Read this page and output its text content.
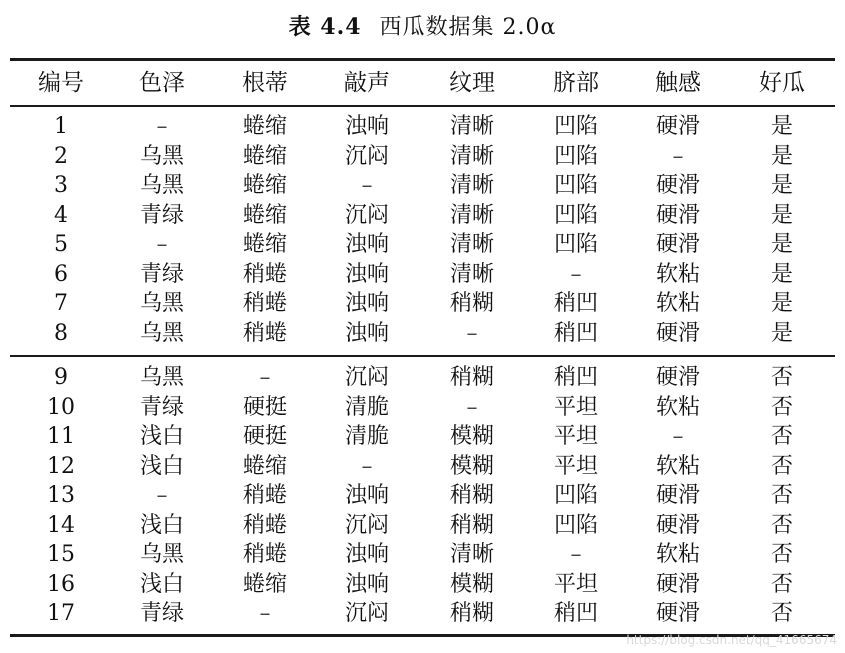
表 4.4 西瓜数据集 2.0α
编号	色泽	根蒂	敲声	纹理	脐部	触感	好瓜
1	–	蜷缩	浊响	清晰	凹陷	硬滑	是
2	乌黑	蜷缩	沉闷	清晰	凹陷	–	是
3	乌黑	蜷缩	–	清晰	凹陷	硬滑	是
4	青绿	蜷缩	沉闷	清晰	凹陷	硬滑	是
5	–	蜷缩	浊响	清晰	凹陷	硬滑	是
6	青绿	稍蜷	浊响	清晰	–	软粘	是
7	乌黑	稍蜷	浊响	稍糊	稍凹	软粘	是
8	乌黑	稍蜷	浊响	–	稍凹	硬滑	是
9	乌黑	–	沉闷	稍糊	稍凹	硬滑	否
10	青绿	硬挺	清脆	–	平坦	软粘	否
11	浅白	硬挺	清脆	模糊	平坦	–	否
12	浅白	蜷缩	–	模糊	平坦	软粘	否
13	–	稍蜷	浊响	稍糊	凹陷	硬滑	否
14	浅白	稍蜷	沉闷	稍糊	凹陷	硬滑	否
15	乌黑	稍蜷	浊响	清晰	–	软粘	否
16	浅白	蜷缩	浊响	模糊	平坦	硬滑	否
17	青绿	–	沉闷	稍糊	稍凹	硬滑	否
https://blog.csdn.net/qq_41665674
